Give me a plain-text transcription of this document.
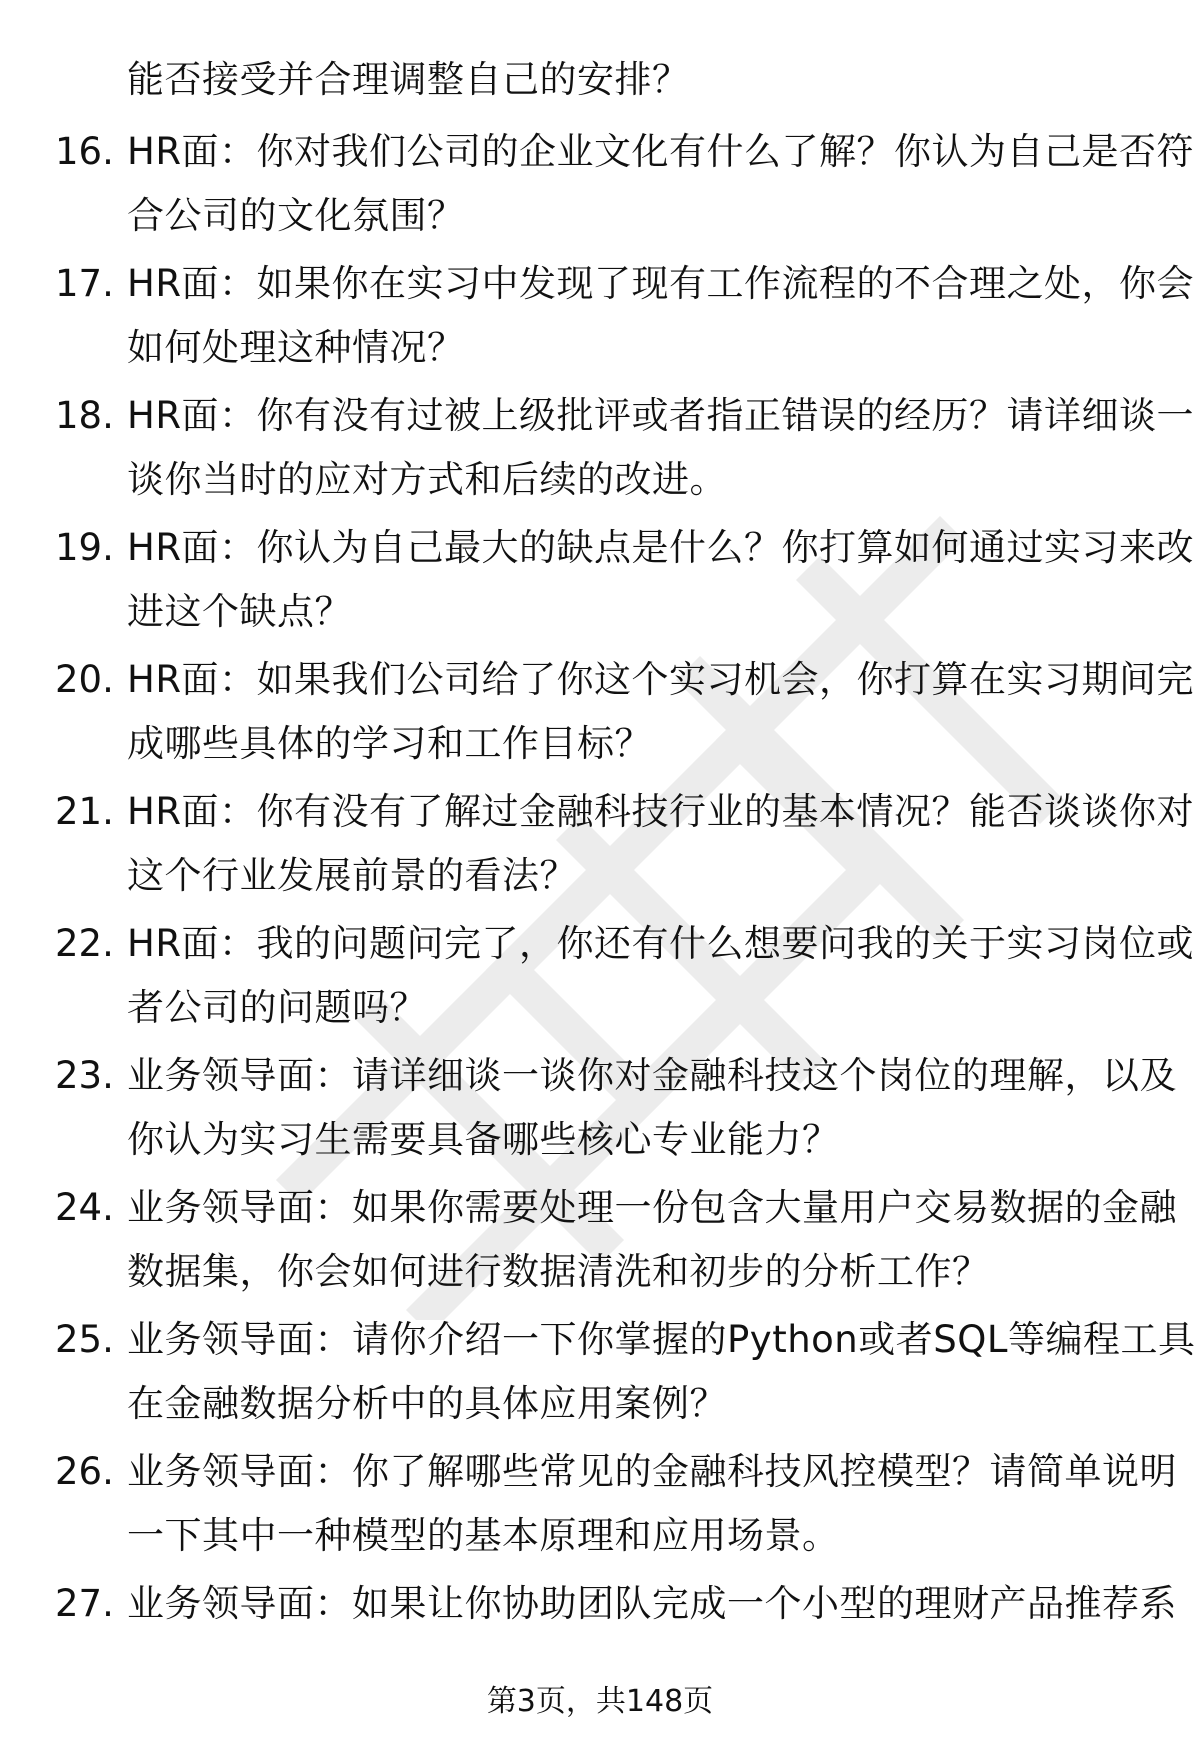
能否接受并合理调整自己的安排？
16. HR面：你对我们公司的企业文化有什么了解？你认为自己是否符
合公司的文化氛围？
17. HR面：如果你在实习中发现了现有工作流程的不合理之处，你会
如何处理这种情况？
18. HR面：你有没有过被上级批评或者指正错误的经历？请详细谈一
谈你当时的应对方式和后续的改进。
19. HR面：你认为自己最大的缺点是什么？你打算如何通过实习来改
进这个缺点？
20. HR面：如果我们公司给了你这个实习机会，你打算在实习期间完
成哪些具体的学习和工作目标？
21. HR面：你有没有了解过金融科技行业的基本情况？能否谈谈你对
这个行业发展前景的看法？
22. HR面：我的问题问完了，你还有什么想要问我的关于实习岗位或
者公司的问题吗？
23. 业务领导面：请详细谈一谈你对金融科技这个岗位的理解，以及
你认为实习生需要具备哪些核心专业能力？
24. 业务领导面：如果你需要处理一份包含大量用户交易数据的金融
数据集，你会如何进行数据清洗和初步的分析工作？
25. 业务领导面：请你介绍一下你掌握的Python或者SQL等编程工具
在金融数据分析中的具体应用案例？
26. 业务领导面：你了解哪些常见的金融科技风控模型？请简单说明
一下其中一种模型的基本原理和应用场景。
27. 业务领导面：如果让你协助团队完成一个小型的理财产品推荐系
第3页，共148页
